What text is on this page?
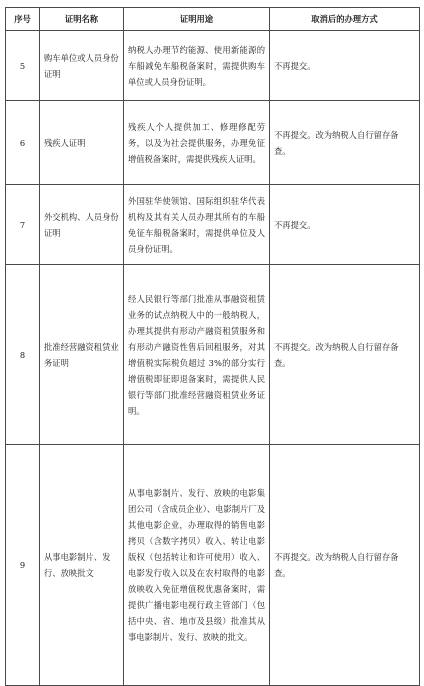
序号	证明名称	证明用途	取消后的办理方式
5	购车单位或人员身份证明	纳税人办理节约能源、使用新能源的车船减免车船税备案时，需提供购车单位或人员身份证明。	不再提交。
6	残疾人证明	残疾人个人提供加工、修理修配劳务，以及为社会提供服务，办理免征增值税备案时，需提供残疾人证明。	不再提交。改为纳税人自行留存备查。
7	外交机构、人员身份证明	外国驻华使领馆、国际组织驻华代表机构及其有关人员办理其所有的车船免征车船税备案时，需提供单位及人员身份证明。	不再提交。
8	批准经营融资租赁业务证明	经人民银行等部门批准从事融资租赁业务的试点纳税人中的一般纳税人，办理其提供有形动产融资租赁服务和有形动产融资性售后回租服务，对其增值税实际税负超过 3%的部分实行增值税即征即退备案时，需提供人民银行等部门批准经营融资租赁业务证明。	不再提交。改为纳税人自行留存备查。
9	从事电影制片、发行、放映批文	从事电影制片、发行、放映的电影集团公司（含成员企业）、电影制片厂及其他电影企业，办理取得的销售电影拷贝（含数字拷贝）收入、转让电影版权（包括转让和许可使用）收入、电影发行收入以及在农村取得的电影放映收入免征增值税优惠备案时，需提供广播电影电视行政主管部门（包括中央、省、地市及县级）批准其从事电影制片、发行、放映的批文。	不再提交。改为纳税人自行留存备查。
